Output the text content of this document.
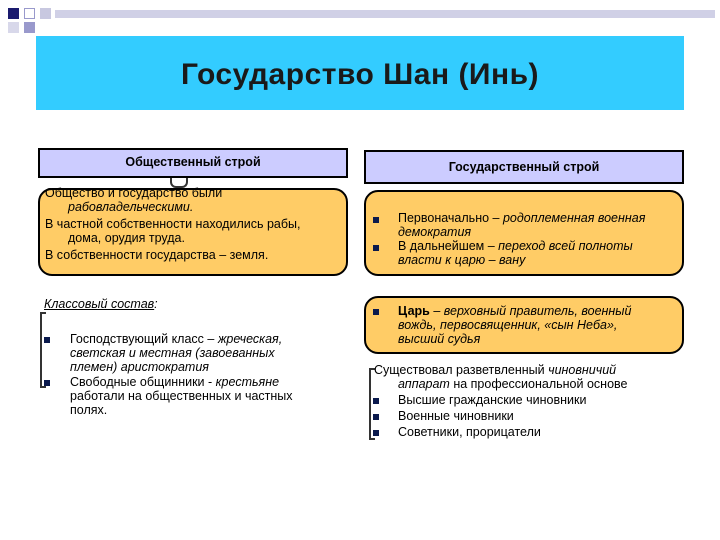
Государство Шан (Инь)
Общественный строй
Общество и государство были
рабовладельческими.
В частной собственности находились рабы,
дома, орудия труда.
В собственности государства – земля.
Классовый состав:
Господствующий класс – жреческая,
светская и местная (завоеванных
племен) аристократия
Свободные общинники - крестьяне
работали на общественных и частных
полях.
Государственный строй
Первоначально – родоплеменная военная
демократия
В дальнейшем – переход всей полноты
власти к царю – вану
Царь – верховный правитель, военный
вождь, первосвященник, «сын Неба»,
высший судья
Существовал разветвленный чиновничий
аппарат на профессиональной основе
Высшие гражданские чиновники
Военные чиновники
Советники, прорицатели
